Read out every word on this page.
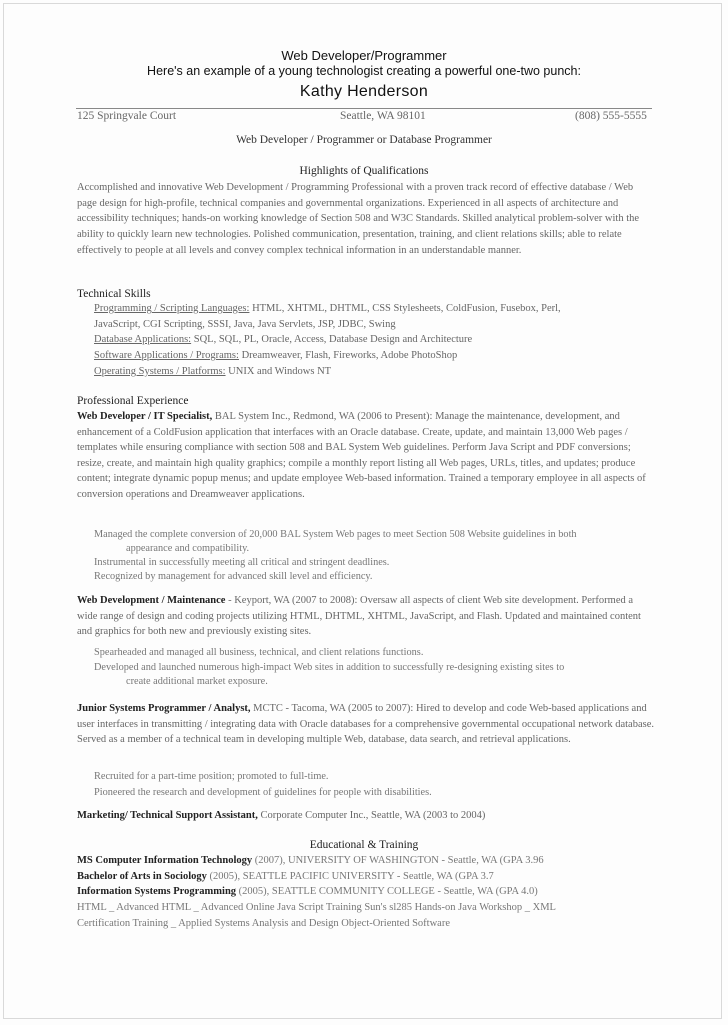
Web Developer/Programmer
Here's an example of a young technologist creating a powerful one-two punch:
Kathy Henderson
125 Springvale Court	Seattle, WA 98101	(808) 555-5555
Web Developer / Programmer or Database Programmer
Highlights of Qualifications
Accomplished and innovative Web Development / Programming Professional with a proven track record of effective database / Web page design for high-profile, technical companies and governmental organizations. Experienced in all aspects of architecture and accessibility techniques; hands-on working knowledge of Section 508 and W3C Standards. Skilled analytical problem-solver with the ability to quickly learn new technologies. Polished communication, presentation, training, and client relations skills; able to relate effectively to people at all levels and convey complex technical information in an understandable manner.
Technical Skills
Programming / Scripting Languages: HTML, XHTML, DHTML, CSS Stylesheets, ColdFusion, Fusebox, Perl,
JavaScript, CGI Scripting, SSSI, Java, Java Servlets, JSP, JDBC, Swing
Database Applications: SQL, SQL, PL, Oracle, Access, Database Design and Architecture
Software Applications / Programs: Dreamweaver, Flash, Fireworks, Adobe PhotoShop
Operating Systems / Platforms: UNIX and Windows NT
Professional Experience
Web Developer / IT Specialist, BAL System Inc., Redmond, WA (2006 to Present): Manage the maintenance, development, and enhancement of a ColdFusion application that interfaces with an Oracle database. Create, update, and maintain 13,000 Web pages / templates while ensuring compliance with section 508 and BAL System Web guidelines. Perform Java Script and PDF conversions; resize, create, and maintain high quality graphics; compile a monthly report listing all Web pages, URLs, titles, and updates; produce content; integrate dynamic popup menus; and update employee Web-based information. Trained a temporary employee in all aspects of conversion operations and Dreamweaver applications.
Managed the complete conversion of 20,000 BAL System Web pages to meet Section 508 Website guidelines in both
appearance and compatibility.
Instrumental in successfully meeting all critical and stringent deadlines.
Recognized by management for advanced skill level and efficiency.
Web Development / Maintenance - Keyport, WA (2007 to 2008): Oversaw all aspects of client Web site development. Performed a wide range of design and coding projects utilizing HTML, DHTML, XHTML, JavaScript, and Flash. Updated and maintained content and graphics for both new and previously existing sites.
Spearheaded and managed all business, technical, and client relations functions.
Developed and launched numerous high-impact Web sites in addition to successfully re-designing existing sites to
create additional market exposure.
Junior Systems Programmer / Analyst, MCTC - Tacoma, WA (2005 to 2007): Hired to develop and code Web-based applications and user interfaces in transmitting / integrating data with Oracle databases for a comprehensive governmental occupational network database. Served as a member of a technical team in developing multiple Web, database, data search, and retrieval applications.
Recruited for a part-time position; promoted to full-time.
Pioneered the research and development of guidelines for people with disabilities.
Marketing/ Technical Support Assistant, Corporate Computer Inc., Seattle, WA (2003 to 2004)
Educational & Training
MS Computer Information Technology (2007), UNIVERSITY OF WASHINGTON - Seattle, WA (GPA 3.96
Bachelor of Arts in Sociology (2005), SEATTLE PACIFIC UNIVERSITY - Seattle, WA (GPA 3.7
Information Systems Programming (2005), SEATTLE COMMUNITY COLLEGE - Seattle, WA (GPA 4.0)
HTML _ Advanced HTML _ Advanced Online Java Script Training Sun's sl285 Hands-on Java Workshop _ XML
Certification Training _ Applied Systems Analysis and Design Object-Oriented Software
